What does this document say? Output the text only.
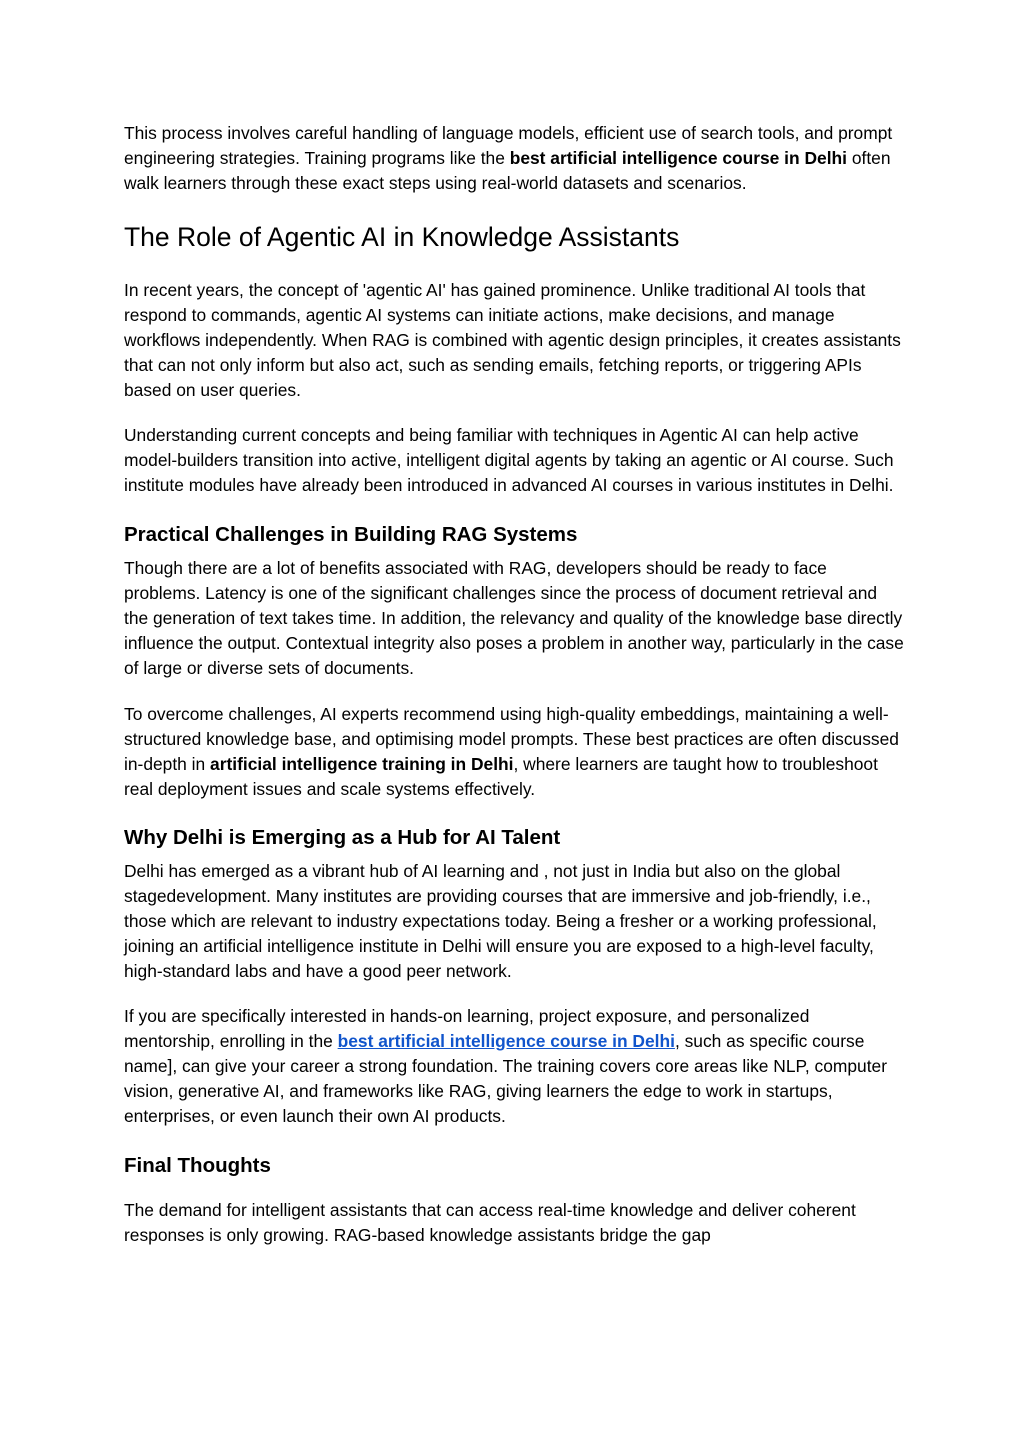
This process involves careful handling of language models, efficient use of search tools, and prompt engineering strategies. Training programs like the best artificial intelligence course in Delhi often walk learners through these exact steps using real-world datasets and scenarios.

The Role of Agentic AI in Knowledge Assistants

In recent years, the concept of 'agentic AI' has gained prominence. Unlike traditional AI tools that respond to commands, agentic AI systems can initiate actions, make decisions, and manage workflows independently. When RAG is combined with agentic design principles, it creates assistants that can not only inform but also act, such as sending emails, fetching reports, or triggering APIs based on user queries.

Understanding current concepts and being familiar with techniques in Agentic AI can help active model-builders transition into active, intelligent digital agents by taking an agentic or AI course. Such institute modules have already been introduced in advanced AI courses in various institutes in Delhi.

Practical Challenges in Building RAG Systems

Though there are a lot of benefits associated with RAG, developers should be ready to face problems. Latency is one of the significant challenges since the process of document retrieval and the generation of text takes time. In addition, the relevancy and quality of the knowledge base directly influence the output. Contextual integrity also poses a problem in another way, particularly in the case of large or diverse sets of documents.

To overcome challenges, AI experts recommend using high-quality embeddings, maintaining a well-structured knowledge base, and optimising model prompts. These best practices are often discussed in-depth in artificial intelligence training in Delhi, where learners are taught how to troubleshoot real deployment issues and scale systems effectively.

Why Delhi is Emerging as a Hub for AI Talent

Delhi has emerged as a vibrant hub of AI learning and , not just in India but also on the global stagedevelopment. Many institutes are providing courses that are immersive and job-friendly, i.e., those which are relevant to industry expectations today. Being a fresher or a working professional, joining an artificial intelligence institute in Delhi will ensure you are exposed to a high-level faculty, high-standard labs and have a good peer network.

If you are specifically interested in hands-on learning, project exposure, and personalized mentorship, enrolling in the best artificial intelligence course in Delhi, such as specific course name], can give your career a strong foundation. The training covers core areas like NLP, computer vision, generative AI, and frameworks like RAG, giving learners the edge to work in startups, enterprises, or even launch their own AI products.

Final Thoughts

The demand for intelligent assistants that can access real-time knowledge and deliver coherent responses is only growing. RAG-based knowledge assistants bridge the gap
